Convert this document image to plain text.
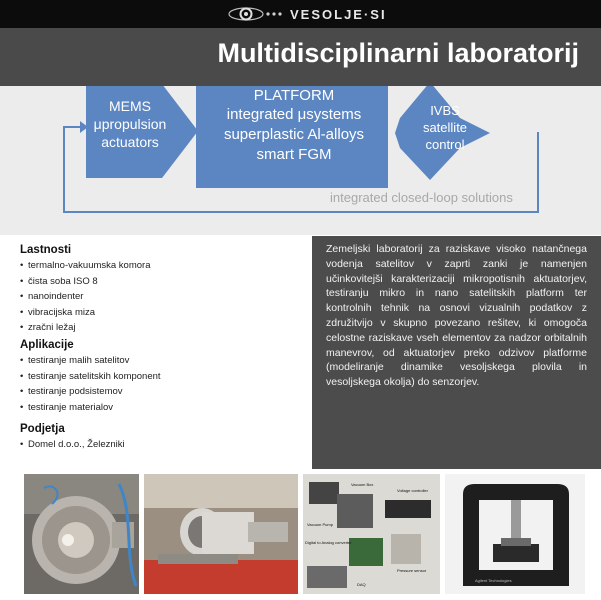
VESOLJE·SI
MEMS
μpropulsion
actuators
PLATFORM
integrated μsystems
superplastic Al-alloys
smart FGM
IVBS
satellite
control
integrated closed-loop solutions
Multidisciplinarni laboratorij
Lastnosti
• termalno-vakuumska komora
• čista soba ISO 8
• nanoindenter
• vibracijska miza
• zračni ležaj
Aplikacije
• testiranje malih satelitov
• testiranje satelitskih komponent
• testiranje podsistemov
• testiranje materialov
Podjetja
• Domel d.o.o., Železniki

Zemeljski laboratorij za raziskave visoko natančnega vodenja satelitov v zaprti zanki je namenjen učinkovitejši karakterizaciji mikropotisnih aktuatorjev, testiranju mikro in nano satelitskih platform ter kontrolnih tehnik na osnovi vizualnih podatkov z združitvijo v skupno povezano rešitev, ki omogoča celostne raziskave vseh elementov za nadzor orbitalnih manevrov, od aktuatorjev preko odzivov platforme (modeliranje dinamike vesoljskega plovila in vesoljskega okolja) do senzorjev.

Vacuum Box
Vacuum Pump
Voltage controller
Digital to Analog converter
Pressure sensor
DAQ
Agilent Technologies
